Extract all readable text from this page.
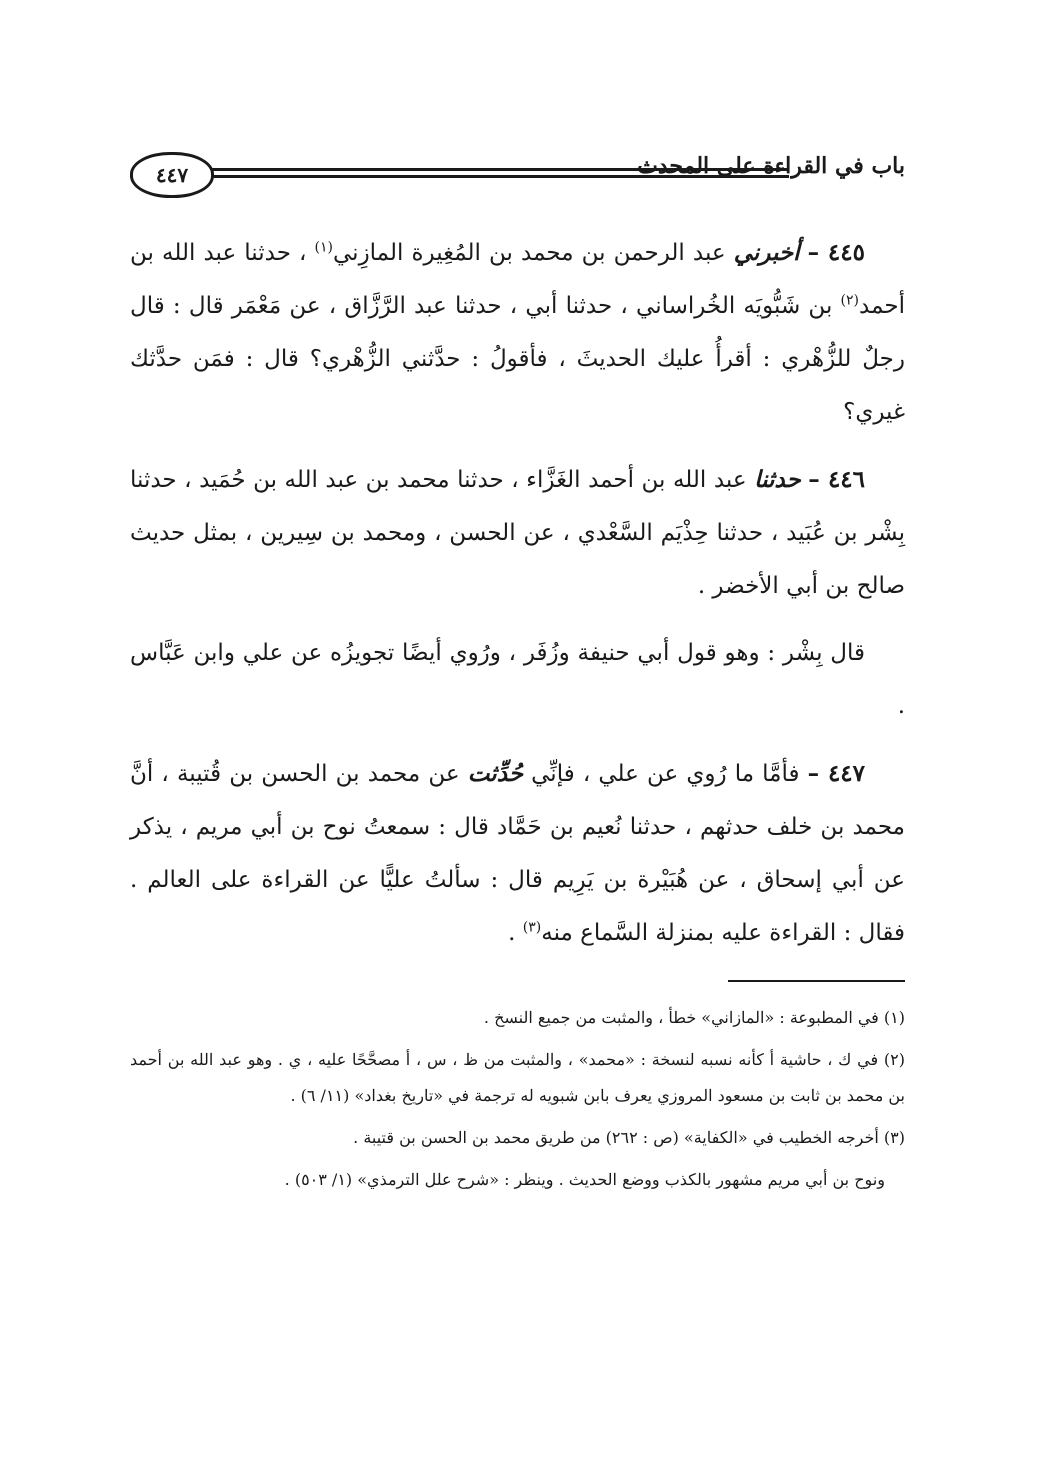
٤٤٧	باب في القراءة على المحدث

٤٤٥ – أخبرني عبد الرحمن بن محمد بن المُغِيرة المازِني$^{(١)}$ ، حدثنا عبد الله بن أحمد$^{(٢)}$ بن شَبُّويَه الخُراساني ، حدثنا أبي ، حدثنا عبد الرَّزَّاق ، عن مَعْمَر قال : قال رجلٌ للزُّهْري : أقرأُ عليك الحديثَ ، فأقولُ : حدَّثني الزُّهْري؟ قال : فمَن حدَّثك غيري؟

٤٤٦ – حدثنا عبد الله بن أحمد الغَزَّاء ، حدثنا محمد بن عبد الله بن حُمَيد ، حدثنا بِشْر بن عُبَيد ، حدثنا حِذْيَم السَّعْدي ، عن الحسن ، ومحمد بن سِيرين ، بمثل حديث صالح بن أبي الأخضر .

قال بِشْر : وهو قول أبي حنيفة وزُفَر ، ورُوي أيضًا تجويزُه عن علي وابن عَبَّاس .

٤٤٧ – فأمَّا ما رُوي عن علي ، فإنِّي حُدِّثت عن محمد بن الحسن بن قُتيبة ، أنَّ محمد بن خلف حدثهم ، حدثنا نُعيم بن حَمَّاد قال : سمعتُ نوح بن أبي مريم ، يذكر عن أبي إسحاق ، عن هُبَيْرة بن يَرِيم قال : سألتُ عليًّا عن القراءة على العالم . فقال : القراءة عليه بمنزلة السَّماع منه$^{(٣)}$ .

(١) في المطبوعة : «المازاني» خطأ ، والمثبت من جميع النسخ .

(٢) في ك ، حاشية أ كأنه نسبه لنسخة : «محمد» ، والمثبت من ظ ، س ، أ مصحَّحًا عليه ، ي . وهو عبد الله بن أحمد بن محمد بن ثابت بن مسعود المروزي يعرف بابن شبويه له ترجمة في «تاريخ بغداد» (١١/ ٦) .

(٣) أخرجه الخطيب في «الكفاية» (ص : ٢٦٢) من طريق محمد بن الحسن بن قتيبة .

ونوح بن أبي مريم مشهور بالكذب ووضع الحديث . وينظر : «شرح علل الترمذي» (١/ ٥٠٣) .
